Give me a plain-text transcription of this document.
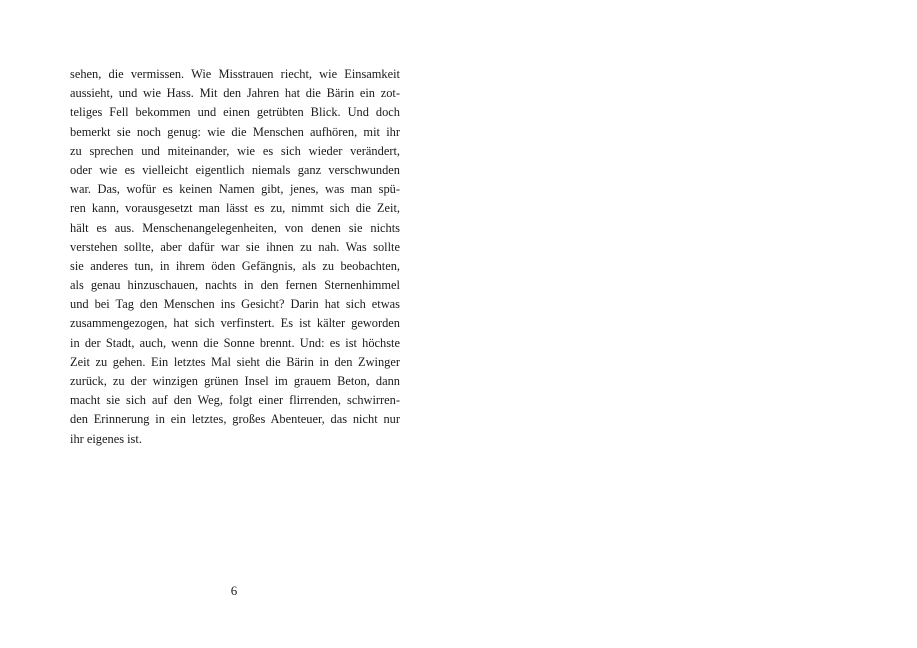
sehen, die vermissen. Wie Misstrauen riecht, wie Einsamkeit
aussieht, und wie Hass. Mit den Jahren hat die Bärin ein zot-
teliges Fell bekommen und einen getrübten Blick. Und doch
bemerkt sie noch genug: wie die Menschen aufhören, mit ihr
zu sprechen und miteinander, wie es sich wieder verändert,
oder wie es vielleicht eigentlich niemals ganz verschwunden
war. Das, wofür es keinen Namen gibt, jenes, was man spü-
ren kann, vorausgesetzt man lässt es zu, nimmt sich die Zeit,
hält es aus. Menschenangelegenheiten, von denen sie nichts
verstehen sollte, aber dafür war sie ihnen zu nah. Was sollte
sie anderes tun, in ihrem öden Gefängnis, als zu beobachten,
als genau hinzuschauen, nachts in den fernen Sternenhimmel
und bei Tag den Menschen ins Gesicht? Darin hat sich etwas
zusammengezogen, hat sich verfinstert. Es ist kälter geworden
in der Stadt, auch, wenn die Sonne brennt. Und: es ist höchste
Zeit zu gehen. Ein letztes Mal sieht die Bärin in den Zwinger
zurück, zu der winzigen grünen Insel im grauem Beton, dann
macht sie sich auf den Weg, folgt einer flirrenden, schwirren-
den Erinnerung in ein letztes, großes Abenteuer, das nicht nur
ihr eigenes ist.
6
